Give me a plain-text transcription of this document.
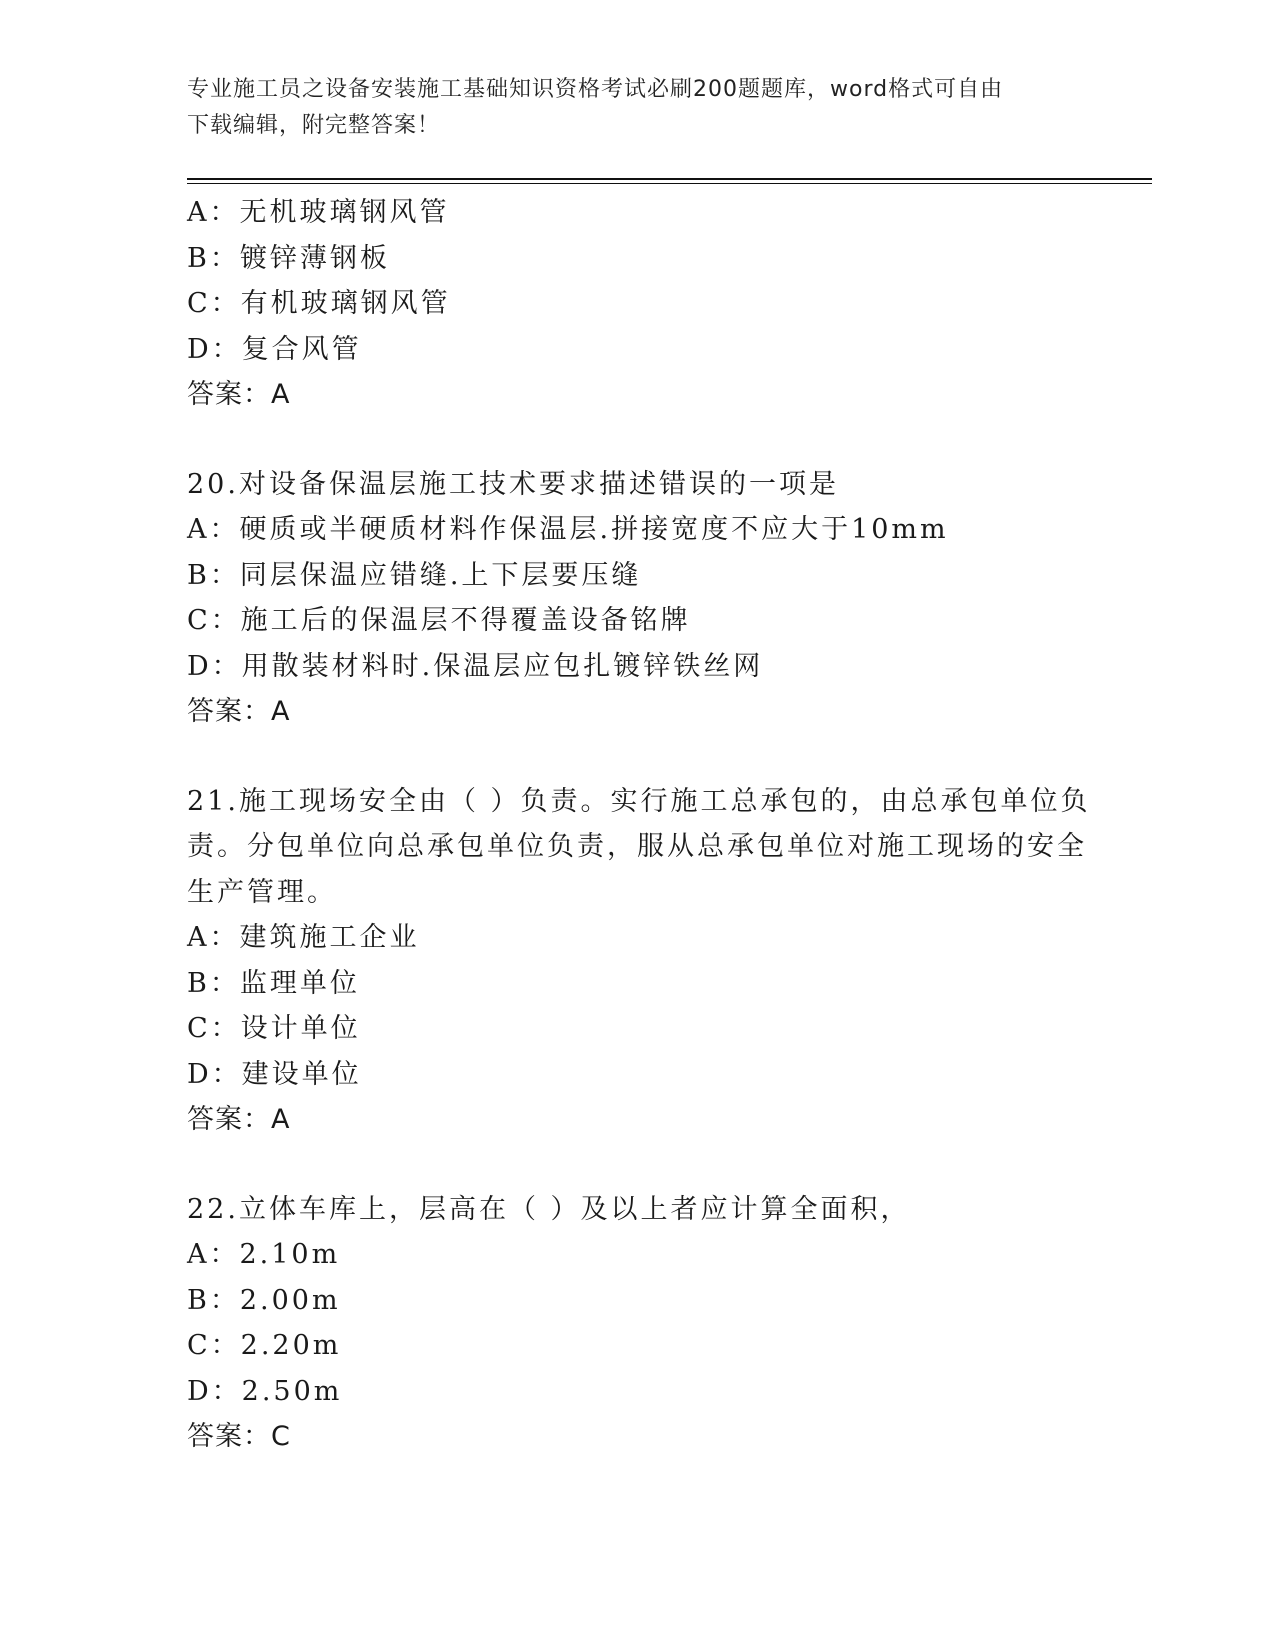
专业施工员之设备安装施工基础知识资格考试必刷200题题库，word格式可自由
下载编辑，附完整答案！
A：无机玻璃钢风管
B：镀锌薄钢板
C：有机玻璃钢风管
D：复合风管
答案：A
20.对设备保温层施工技术要求描述错误的一项是
A：硬质或半硬质材料作保温层.拼接宽度不应大于10mm
B：同层保温应错缝.上下层要压缝
C：施工后的保温层不得覆盖设备铭牌
D：用散装材料时.保温层应包扎镀锌铁丝网
答案：A
21.施工现场安全由（ ）负责。实行施工总承包的，由总承包单位负
责。分包单位向总承包单位负责，服从总承包单位对施工现场的安全
生产管理。
A：建筑施工企业
B：监理单位
C：设计单位
D：建设单位
答案：A
22.立体车库上，层高在（ ）及以上者应计算全面积，
A：2.10m
B：2.00m
C：2.20m
D：2.50m
答案：C
